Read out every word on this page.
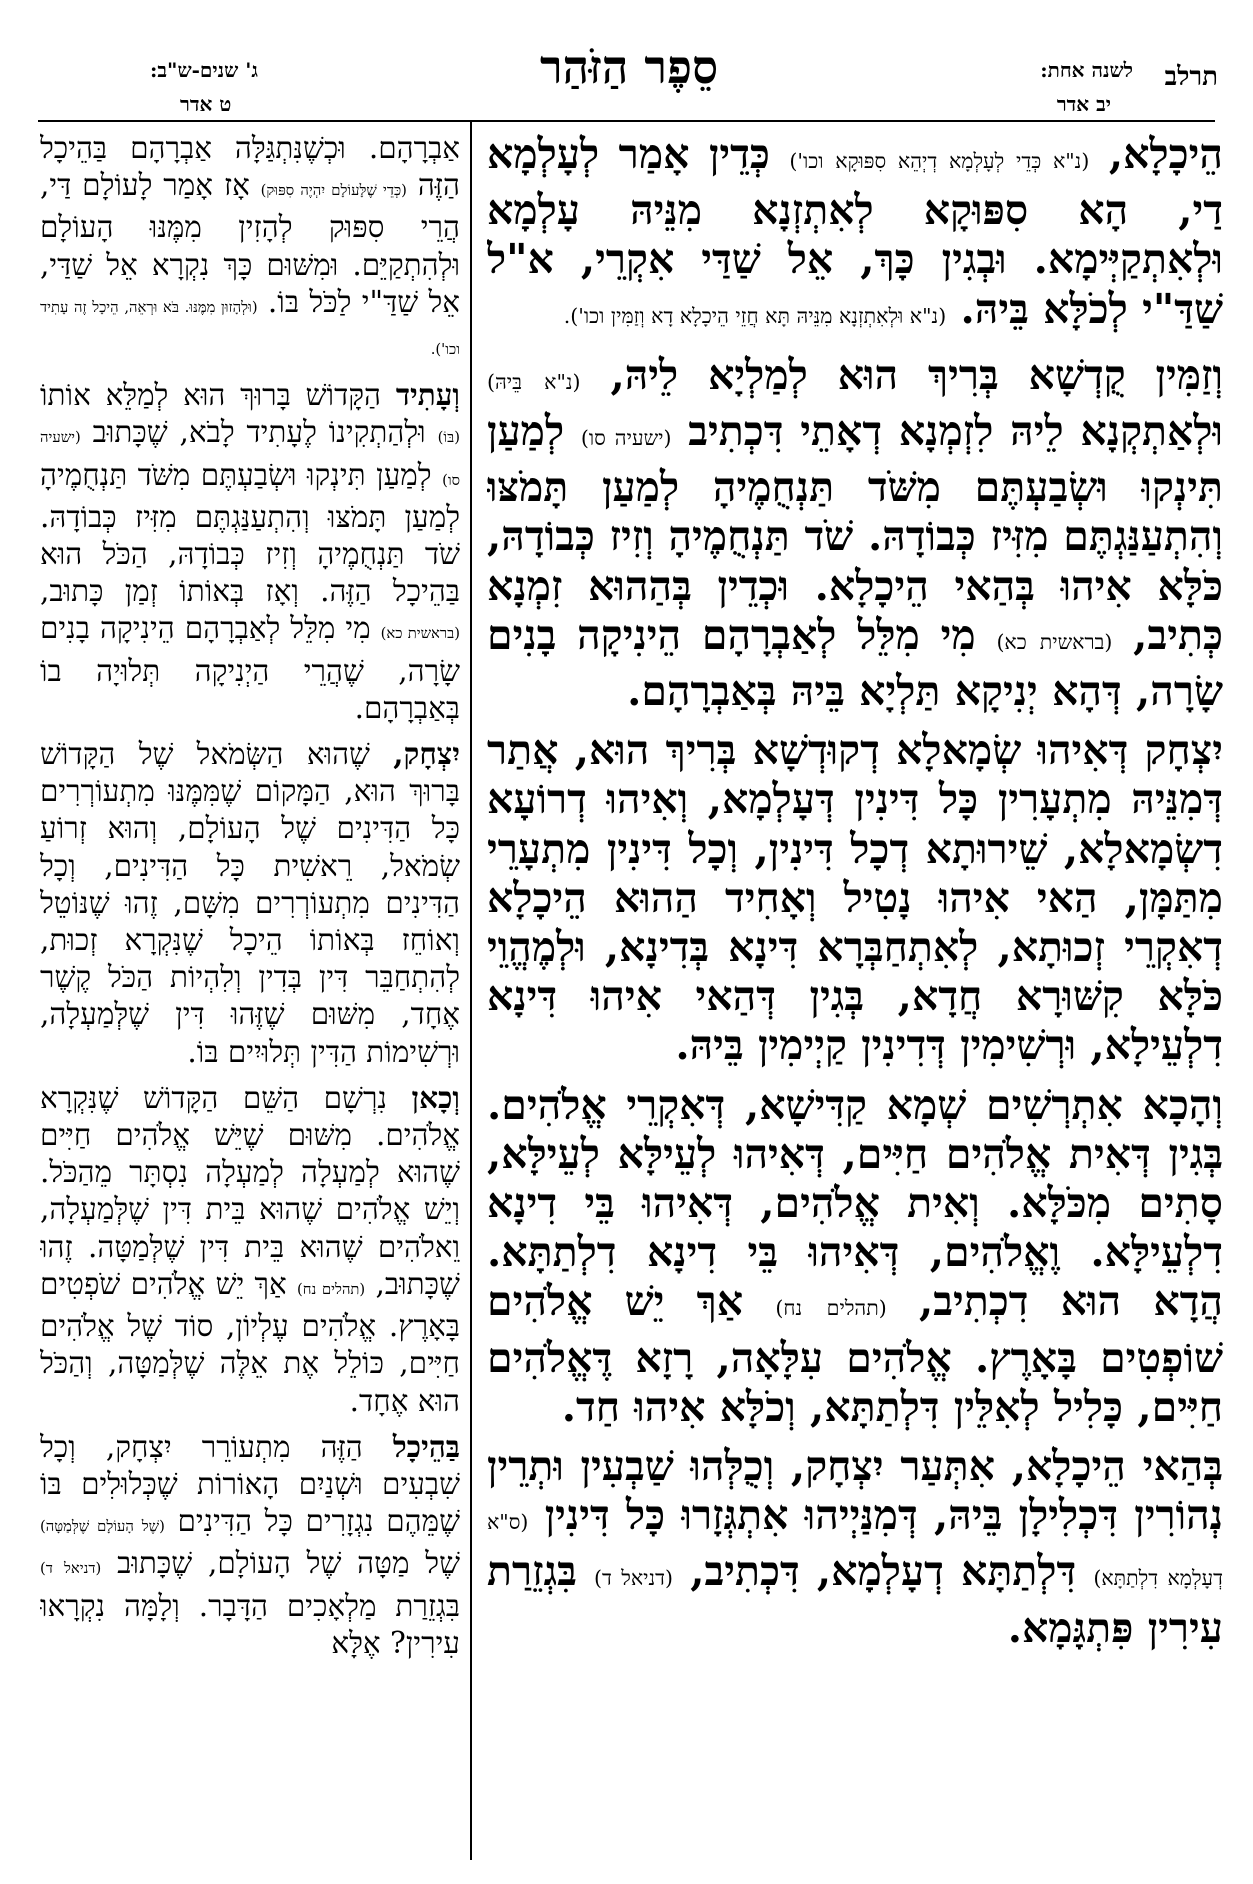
תרלב
לשנה אחת:
יב אדר
סֵפֶר הַזֹּהַר
ג' שנים-ש"ב:
ט אדר

הֵיכָלָא, (נ"א כְּדֵי לְעָלְמָא דְיְהֵא סִפּוּקָא וכו') כְּדֵין אָמַר לְעָלְמָא דַי, הָא סִפּוּקָא לְאִתְזְנָא מִנֵּיהּ עָלְמָא וּלְאִתְקַיְּימָא. וּבְגִין כָּךְ, אֵל שַׁדַּי אִקְרֵי, א"ל שַׁדַּ"י לְכֹלָּא בֵּיהּ. (נ"א וּלְאִתְזְנָא מִנֵּיהּ תָּא חֲזֵי הֵיכָלָא דָא וְזַמִּין וכו').

וְזַמִּין קֻדְשָׁא בְּרִיךְ הוּא לְמַלְיָא לֵיהּ, (נ"א בֵּיהּ) וּלְאַתְקְנָא לֵיהּ לִזְמְנָא דְאָתֵי דִּכְתִיב (ישעיה סו) לְמַעַן תִּינְקוּ וּשְׂבַעְתֶּם מִשֹּׁד תַּנְחֻמֶיהָ לְמַעַן תָּמֹצּוּ וְהִתְעַנַּגְתֶּם מִזִּיז כְּבוֹדָהּ. שֹׁד תַּנְחֻמֶיהָ וְזִיז כְּבוֹדָהּ, כֹּלָּא אִיהוּ בְּהַאי הֵיכָלָא. וּכְדֵין בְּהַהוּא זִמְנָא כְּתִיב, (בראשית כא) מִי מִלֵּל לְאַבְרָהָם הֵינִיקָה בָנִים שָׂרָה, דְּהָא יְנִיקָא תַּלְיָא בֵּיהּ בְּאַבְרָהָם.

יִצְחָק דְּאִיהוּ שְׂמָאלָא דְקוּדְשָׁא בְּרִיךְ הוּא, אֲתַר דְּמִנֵּיהּ מִתְעָרִין כָּל דִּינִין דְּעָלְמָא, וְאִיהוּ דְרוֹעָא דִשְׂמָאלָא, שֵׁירוּתָא דְכָל דִּינִין, וְכָל דִּינִין מִתְעָרֵי מִתַּמָּן, הַאי אִיהוּ נָטִיל וְאָחִיד הַהוּא הֵיכָלָא דְאִקְרֵי זְכוּתָא, לְאִתְחַבְּרָא דִּינָא בְּדִינָא, וּלְמֶהֱוֵי כֹּלָּא קִשּׁוּרָא חֲדָא, בְּגִין דְּהַאי אִיהוּ דִּינָא דִלְעֵילָא, וּרְשִׁימִין דְּדִינִין קַיְימִין בֵּיהּ.

וְהָכָא אִתְרְשִׁים שְׁמָא קַדִּישָׁא, דְּאִקְרֵי אֱלֹהִים. בְּגִין דְּאִית אֱלֹהִים חַיִּים, דְּאִיהוּ לְעֵילָּא לְעֵילָּא, סָתִים מִכֹּלָּא. וְאִית אֱלֹהִים, דְּאִיהוּ בֵּי דִינָא דִלְעֵילָּא. וֶאֱלֹהִים, דְּאִיהוּ בֵּי דִינָא דִלְתַתָּא. הֲדָא הוּא דִכְתִיב, (תהלים נח) אַךְ יֵשׁ אֱלֹהִים שׁוֹפְטִים בָּאָרֶץ. אֱלֹהִים עִלָּאָה, רָזָא דֶּאֱלֹהִים חַיִּים, כָּלִיל לְאִלֵּין דִּלְתַתָּא, וְכֹלָּא אִיהוּ חַד.

בְּהַאי הֵיכָלָא, אִתְּעַר יִצְחָק, וְכֻלְּהוּ שַׁבְעִין וּתְרֵין נְהוֹרִין דִּכְלִילָן בֵּיהּ, דְּמִנַּיְיהוּ אִתְגְּזָרוּ כָּל דִּינִין (ס"א דְעָלְמָא דִלְתַתָּא) דִּלְתַתָּא דְעָלְמָא, דִּכְתִיב, (דניאל ד) בִּגְזֵרַת עִירִין פִּתְגָּמָא.

אַבְרָהָם. וּכְשֶׁנִּתְגַּלָּה אַבְרָהָם בַּהֵיכָל הַזֶּה (כְּדֵי שֶׁלָּעוֹלָם יִהְיֶה סִפּוּק) אָז אָמַר לָעוֹלָם דַּי, הֲרֵי סִפּוּק לְהָזִין מִמֶּנּוּ הָעוֹלָם וּלְהִתְקַיֵּם. וּמִשּׁוּם כָּךְ נִקְרָא אֵל שַׁדַּי, אֵל שַׁדַּ"י לַכֹּל בּוֹ. (וּלְהָזוּן מִמֶּנּוּ. בֹּא וּרְאֵה, הֵיכָל זֶה עָתִיד וכו').

וְעָתִיד הַקָּדוֹשׁ בָּרוּךְ הוּא לְמַלֵּא אוֹתוֹ (בּוֹ) וּלְהַתְקִינוֹ לֶעָתִיד לָבֹא, שֶׁכָּתוּב (ישעיה סו) לְמַעַן תִּינְקוּ וּשְׂבַעְתֶּם מִשֹּׁד תַּנְחֻמֶיהָ לְמַעַן תָּמֹצּוּ וְהִתְעַנַּגְתֶּם מִזִּיז כְּבוֹדָהּ. שֹׁד תַּנְחֻמֶיהָ וְזִיז כְּבוֹדָהּ, הַכֹּל הוּא בַּהֵיכָל הַזֶּה. וְאָז בְּאוֹתוֹ זְמַן כָּתוּב, (בראשית כא) מִי מִלֵּל לְאַבְרָהָם הֵינִיקָה בָנִים שָׂרָה, שֶׁהֲרֵי הַיְנִיקָה תְּלוּיָה בוֹ בְּאַבְרָהָם.

יִצְחָק, שֶׁהוּא הַשְּׂמֹאל שֶׁל הַקָּדוֹשׁ בָּרוּךְ הוּא, הַמָּקוֹם שֶׁמִּמֶּנּוּ מִתְעוֹרְרִים כָּל הַדִּינִים שֶׁל הָעוֹלָם, וְהוּא זְרוֹעַ שְׂמֹאל, רֵאשִׁית כָּל הַדִּינִים, וְכָל הַדִּינִים מִתְעוֹרְרִים מִשָּׁם, זֶהוּ שֶׁנּוֹטֵל וְאוֹחֵז בְּאוֹתוֹ הֵיכָל שֶׁנִּקְרָא זְכוּת, לְהִתְחַבֵּר דִּין בְּדִין וְלִהְיוֹת הַכֹּל קֶשֶׁר אֶחָד, מִשּׁוּם שֶׁזֶּהוּ דִּין שֶׁלְּמַעְלָה, וּרְשִׁימוֹת הַדִּין תְּלוּיִים בּוֹ.

וְכָאן נִרְשָׁם הַשֵּׁם הַקָּדוֹשׁ שֶׁנִּקְרָא אֱלֹהִים. מִשּׁוּם שֶׁיֵּשׁ אֱלֹהִים חַיִּים שֶׁהוּא לְמַעְלָה לְמַעְלָה נִסְתָּר מֵהַכֹּל. וְיֵשׁ אֱלֹהִים שֶׁהוּא בֵּית דִּין שֶׁלְּמַעְלָה, וֵאלֹהִים שֶׁהוּא בֵּית דִּין שֶׁלְּמַטָּה. זֶהוּ שֶׁכָּתוּב, (תהלים נח) אַךְ יֵשׁ אֱלֹהִים שֹׁפְטִים בָּאָרֶץ. אֱלֹהִים עֶלְיוֹן, סוֹד שֶׁל אֱלֹהִים חַיִּים, כּוֹלֵל אֶת אֵלֶּה שֶׁלְּמַטָּה, וְהַכֹּל הוּא אֶחָד.

בַּהֵיכָל הַזֶּה מִתְעוֹרֵר יִצְחָק, וְכָל שִׁבְעִים וּשְׁנַיִם הָאוֹרוֹת שֶׁכְּלוּלִים בּוֹ שֶׁמֵּהֶם נִגְזָרִים כָּל הַדִּינִים (שֶׁל הָעוֹלָם שֶׁלְּמַטָּה) שֶׁל מַטָּה שֶׁל הָעוֹלָם, שֶׁכָּתוּב (דניאל ד) בִּגְזֵרַת מַלְאָכִים הַדָּבָר. וְלָמָּה נִקְרָאוּ עִירִין? אֶלָּא
